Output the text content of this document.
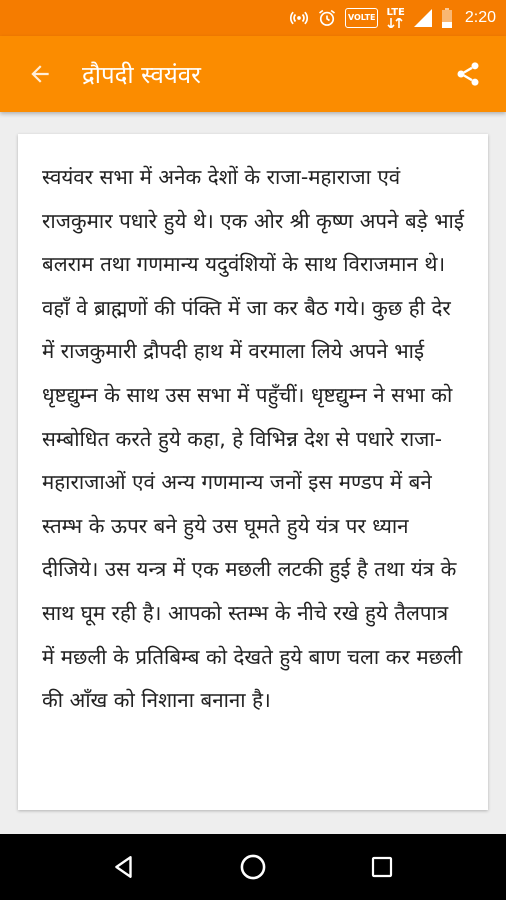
VOLTE	LTE	2:20
द्रौपदी स्वयंवर

स्वयंवर सभा में अनेक देशों के राजा-महाराजा एवं राजकुमार पधारे हुये थे। एक ओर श्री कृष्ण अपने बड़े भाई बलराम तथा गणमान्य यदुवंशियों के साथ विराजमान थे। वहाँ वे ब्राह्मणों की पंक्ति में जा कर बैठ गये। कुछ ही देर में राजकुमारी द्रौपदी हाथ में वरमाला लिये अपने भाई धृष्टद्युम्न के साथ उस सभा में पहुँचीं। धृष्टद्युम्न ने सभा को सम्बोधित करते हुये कहा, हे विभिन्न देश से पधारे राजा-महाराजाओं एवं अन्य गणमान्य जनों इस मण्डप में बने स्तम्भ के ऊपर बने हुये उस घूमते हुये यंत्र पर ध्यान दीजिये। उस यन्त्र में एक मछली लटकी हुई है तथा यंत्र के साथ घूम रही है। आपको स्तम्भ के नीचे रखे हुये तैलपात्र में मछली के प्रतिबिम्ब को देखते हुये बाण चला कर मछली की आँख को निशाना बनाना है।
